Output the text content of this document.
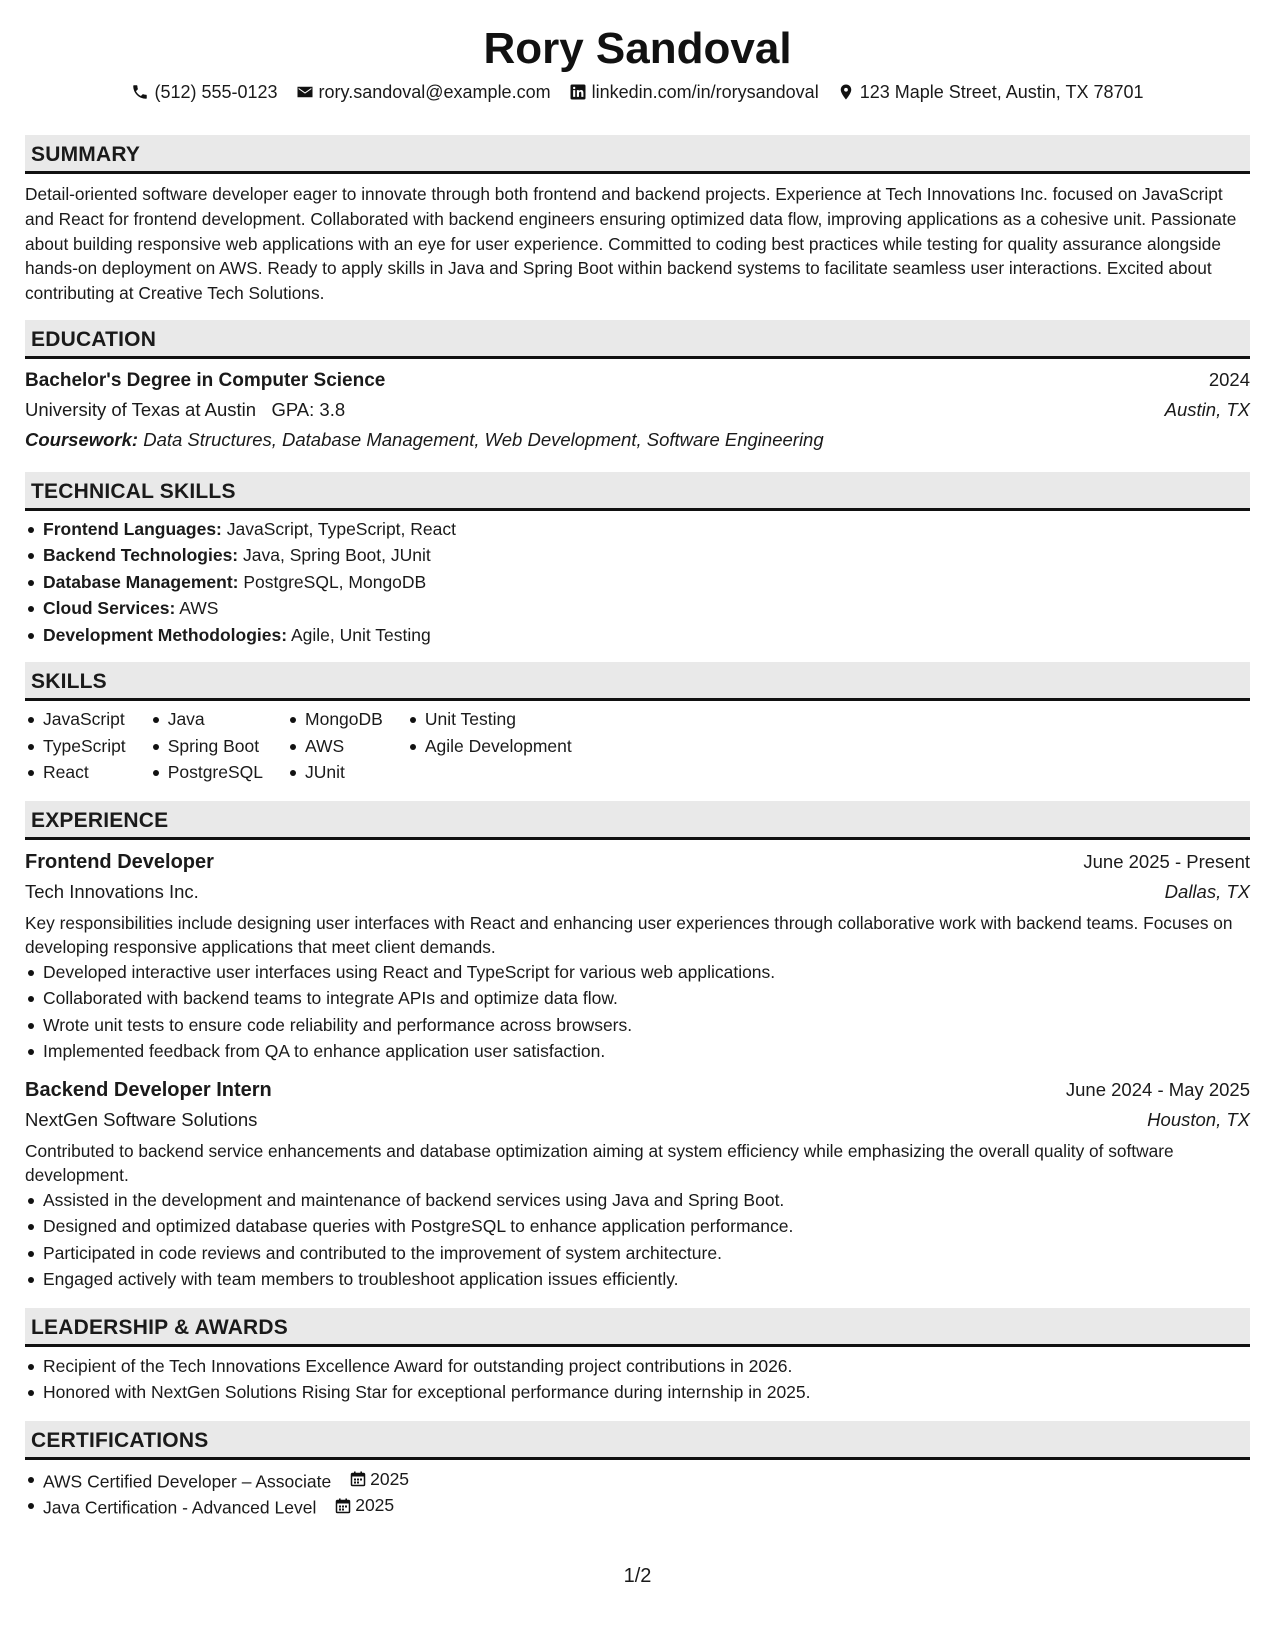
Rory Sandoval
(512) 555-0123 rory.sandoval@example.com linkedin.com/in/rorysandoval 123 Maple Street, Austin, TX 78701
SUMMARY

Detail-oriented software developer eager to innovate through both frontend and backend projects. Experience at Tech Innovations Inc. focused on JavaScript and React for frontend development. Collaborated with backend engineers ensuring optimized data flow, improving applications as a cohesive unit. Passionate about building responsive web applications with an eye for user experience. Committed to coding best practices while testing for quality assurance alongside hands-on deployment on AWS. Ready to apply skills in Java and Spring Boot within backend systems to facilitate seamless user interactions. Excited about contributing at Creative Tech Solutions.

EDUCATION
Bachelor's Degree in Computer Science	2024
University of Texas at Austin GPA: 3.8	Austin, TX
Coursework: Data Structures, Database Management, Web Development, Software Engineering
TECHNICAL SKILLS
Frontend Languages: JavaScript, TypeScript, React
Backend Technologies: Java, Spring Boot, JUnit
Database Management: PostgreSQL, MongoDB
Cloud Services: AWS
Development Methodologies: Agile, Unit Testing
SKILLS
JavaScript
TypeScript
React
Java
Spring Boot
PostgreSQL
MongoDB
AWS
JUnit
Unit Testing
Agile Development
EXPERIENCE
Frontend Developer	June 2025 - Present
Tech Innovations Inc.	Dallas, TX

Key responsibilities include designing user interfaces with React and enhancing user experiences through collaborative work with backend teams. Focuses on developing responsive applications that meet client demands.

Developed interactive user interfaces using React and TypeScript for various web applications.
Collaborated with backend teams to integrate APIs and optimize data flow.
Wrote unit tests to ensure code reliability and performance across browsers.
Implemented feedback from QA to enhance application user satisfaction.
Backend Developer Intern	June 2024 - May 2025
NextGen Software Solutions	Houston, TX

Contributed to backend service enhancements and database optimization aiming at system efficiency while emphasizing the overall quality of software development.

Assisted in the development and maintenance of backend services using Java and Spring Boot.
Designed and optimized database queries with PostgreSQL to enhance application performance.
Participated in code reviews and contributed to the improvement of system architecture.
Engaged actively with team members to troubleshoot application issues efficiently.
LEADERSHIP & AWARDS
Recipient of the Tech Innovations Excellence Award for outstanding project contributions in 2026.
Honored with NextGen Solutions Rising Star for exceptional performance during internship in 2025.
CERTIFICATIONS
AWS Certified Developer – Associate 2025
Java Certification - Advanced Level 2025
1/2
